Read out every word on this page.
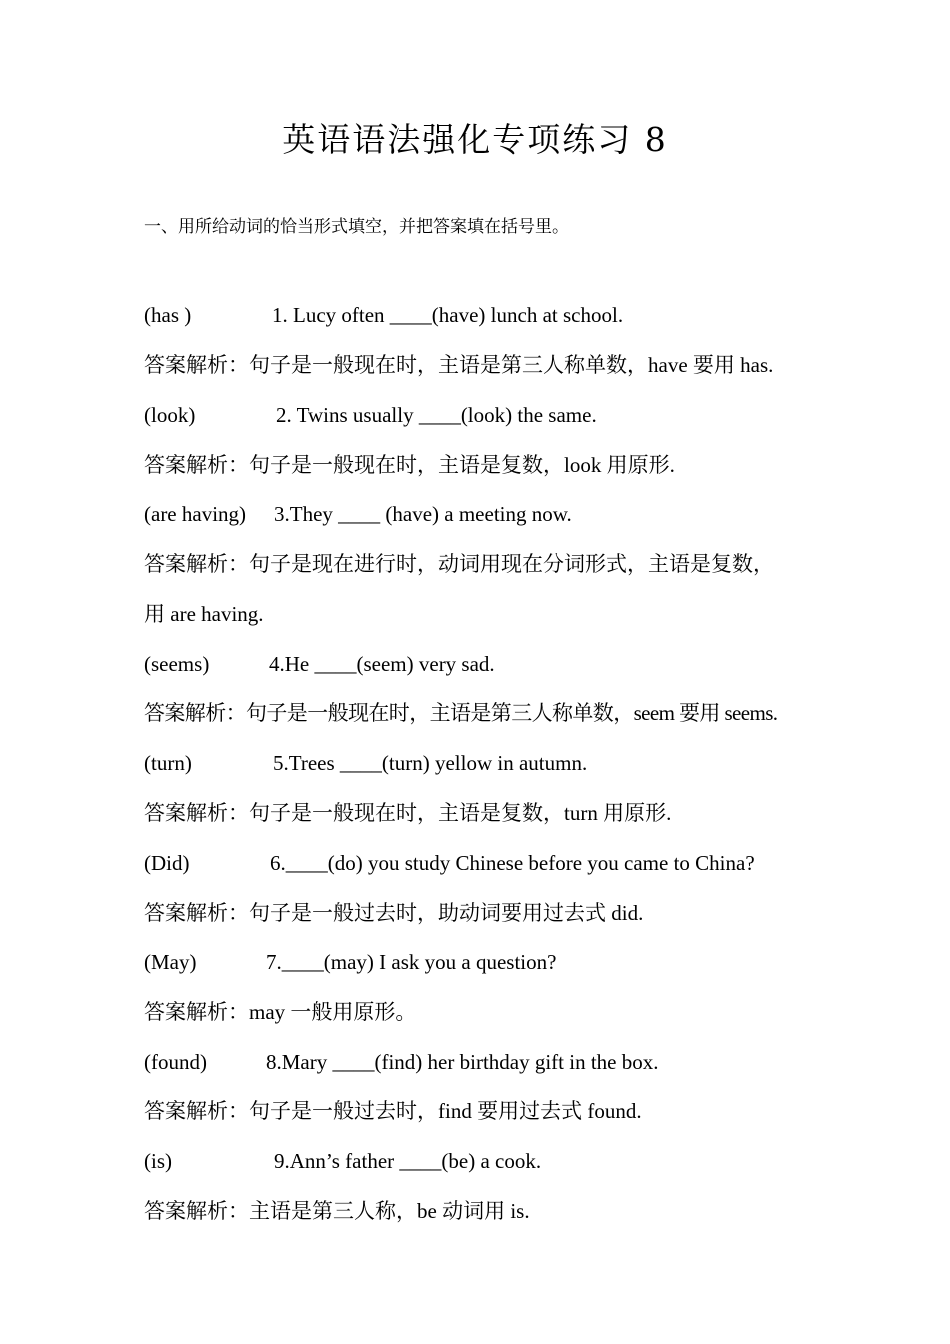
英语语法强化专项练习 8
一、用所给动词的恰当形式填空，并把答案填在括号里。
(has )	1. Lucy often ____(have) lunch at school.
答案解析：句子是一般现在时，主语是第三人称单数，have 要用 has.
(look)	2. Twins usually ____(look) the same.
答案解析：句子是一般现在时，主语是复数，look 用原形.
(are having) 3.They ____ (have) a meeting now.
答案解析：句子是现在进行时，动词用现在分词形式，主语是复数，
用 are having.
(seems)	4.He ____(seem) very sad.
答案解析：句子是一般现在时，主语是第三人称单数，seem 要用 seems.
(turn)	5.Trees ____(turn) yellow in autumn.
答案解析：句子是一般现在时，主语是复数，turn 用原形.
(Did)	6.____(do) you study Chinese before you came to China?
答案解析：句子是一般过去时，助动词要用过去式 did.
(May)	7.____(may) I ask you a question?
答案解析：may 一般用原形。
(found)	8.Mary ____(find) her birthday gift in the box.
答案解析：句子是一般过去时，find 要用过去式 found.
(is)	9.Ann’s father ____(be) a cook.
答案解析：主语是第三人称，be 动词用 is.
